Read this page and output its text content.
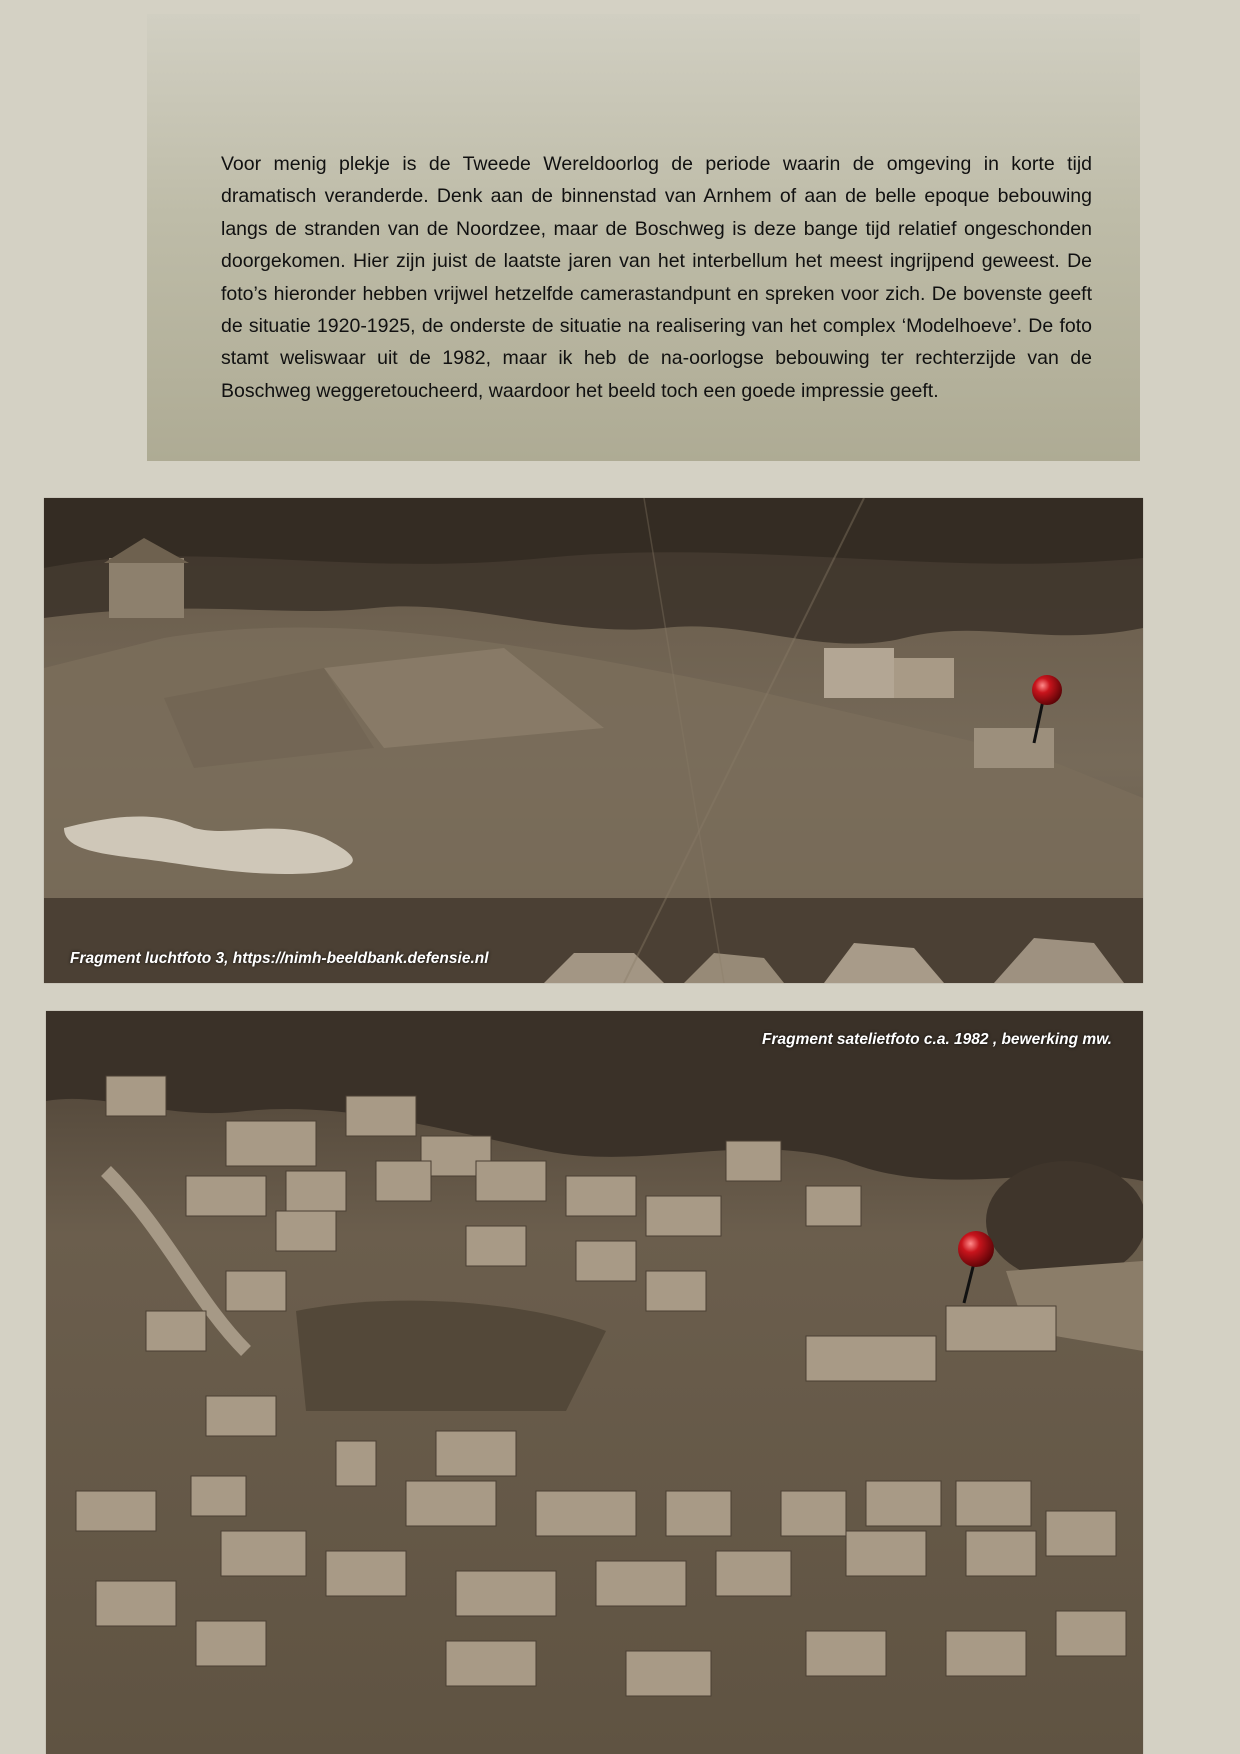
Voor menig plekje is de Tweede Wereldoorlog de periode waarin de omgeving in korte tijd dramatisch veranderde. Denk aan de binnenstad van Arnhem of aan de belle epoque bebouwing langs de stranden van de Noordzee, maar de Boschweg is deze bange tijd relatief ongeschonden doorgekomen. Hier zijn juist de laatste jaren van het interbellum het meest ingrijpend geweest. De foto’s hieronder hebben vrijwel hetzelfde camerastandpunt en spreken voor zich. De bovenste geeft de situatie 1920-1925, de onderste de situatie na realisering van het complex ‘Modelhoeve’. De foto stamt weliswaar uit de 1982, maar ik heb de na-oorlogse bebouwing ter rechterzijde van de Boschweg weggeretoucheerd, waardoor het beeld toch een goede impressie geeft.

Fragment luchtfoto 3, https://nimh-beeldbank.defensie.nl
Fragment satelietfoto c.a. 1982 , bewerking mw.
